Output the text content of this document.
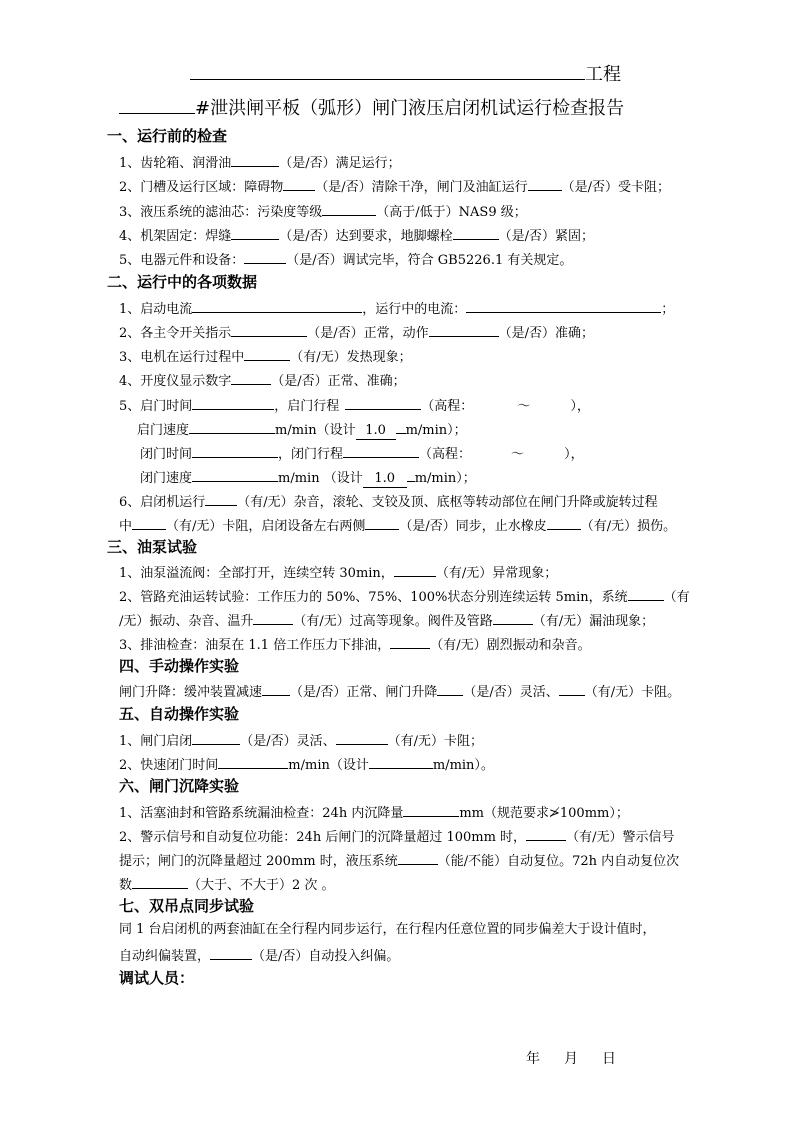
工程
#泄洪闸平板（弧形）闸门液压启闭机试运行检查报告
一、运行前的检查
1、齿轮箱、润滑油	（是/否）满足运行；
2、门槽及运行区域：障碍物 （是/否）清除干净，闸门及油缸运行	（是/否）受卡阻；
3、液压系统的滤油芯：污染度等级	（高于/低于）NAS9 级；
4、机架固定：焊缝	（是/否）达到要求，地脚螺栓	（是/否）紧固；
5、电器元件和设备：	（是/否）调试完毕，符合 GB5226.1 有关规定。
二、运行中的各项数据
1、启动电流	，运行中的电流：	；
2、各主令开关指示	（是/否）正常，动作	（是/否）准确；
3、电机在运行过程中	（有/无）发热现象；
4、开度仪显示数字	（是/否）正常、准确；
5、启门时间	，启门行程	（高程：	～	），
启门速度	m/min（设计 1.0 m/min）；
闭门时间	，闭门行程	（高程：	～	），
闭门速度	m/min （设计 1.0 m/min）；
6、启闭机运行 （有/无）杂音，滚轮、支铰及顶、底枢等转动部位在闸门升降或旋转过程
中	（有/无）卡阻，启闭设备左右两侧	（是/否）同步，止水橡皮	（有/无）损伤。
三、油泵试验
1、油泵溢流阀：全部打开，连续空转 30min，	（有/无）异常现象；
2、管路充油运转试验：工作压力的 50%、75%、100%状态分别连续运转 5min，系统	（有
/无）振动、杂音、温升	（有/无）过高等现象。阀件及管路	（有/无）漏油现象；
3、排油检查：油泵在 1.1 倍工作压力下排油，	（有/无）剧烈振动和杂音。
四、手动操作实验
闸门升降：缓冲装置减速 （是/否）正常、闸门升降 （是/否）灵活、 （有/无）卡阻。
五、自动操作实验
1、闸门启闭	（是/否）灵活、	（有/无）卡阻；
2、快速闭门时间	m/min（设计	m/min）。
六、闸门沉降实验
1、活塞油封和管路系统漏油检查：24h 内沉降量	mm（规范要求≯100mm）；
2、警示信号和自动复位功能：24h 后闸门的沉降量超过 100mm 时，	（有/无）警示信号
提示；闸门的沉降量超过 200mm 时，液压系统	（能/不能）自动复位。72h 内自动复位次
数	（大于、不大于）2 次 。
七、双吊点同步试验
同 1 台启闭机的两套油缸在全行程内同步运行，在行程内任意位置的同步偏差大于设计值时，
自动纠偏装置，	（是/否）自动投入纠偏。
调试人员：
年 月 日
